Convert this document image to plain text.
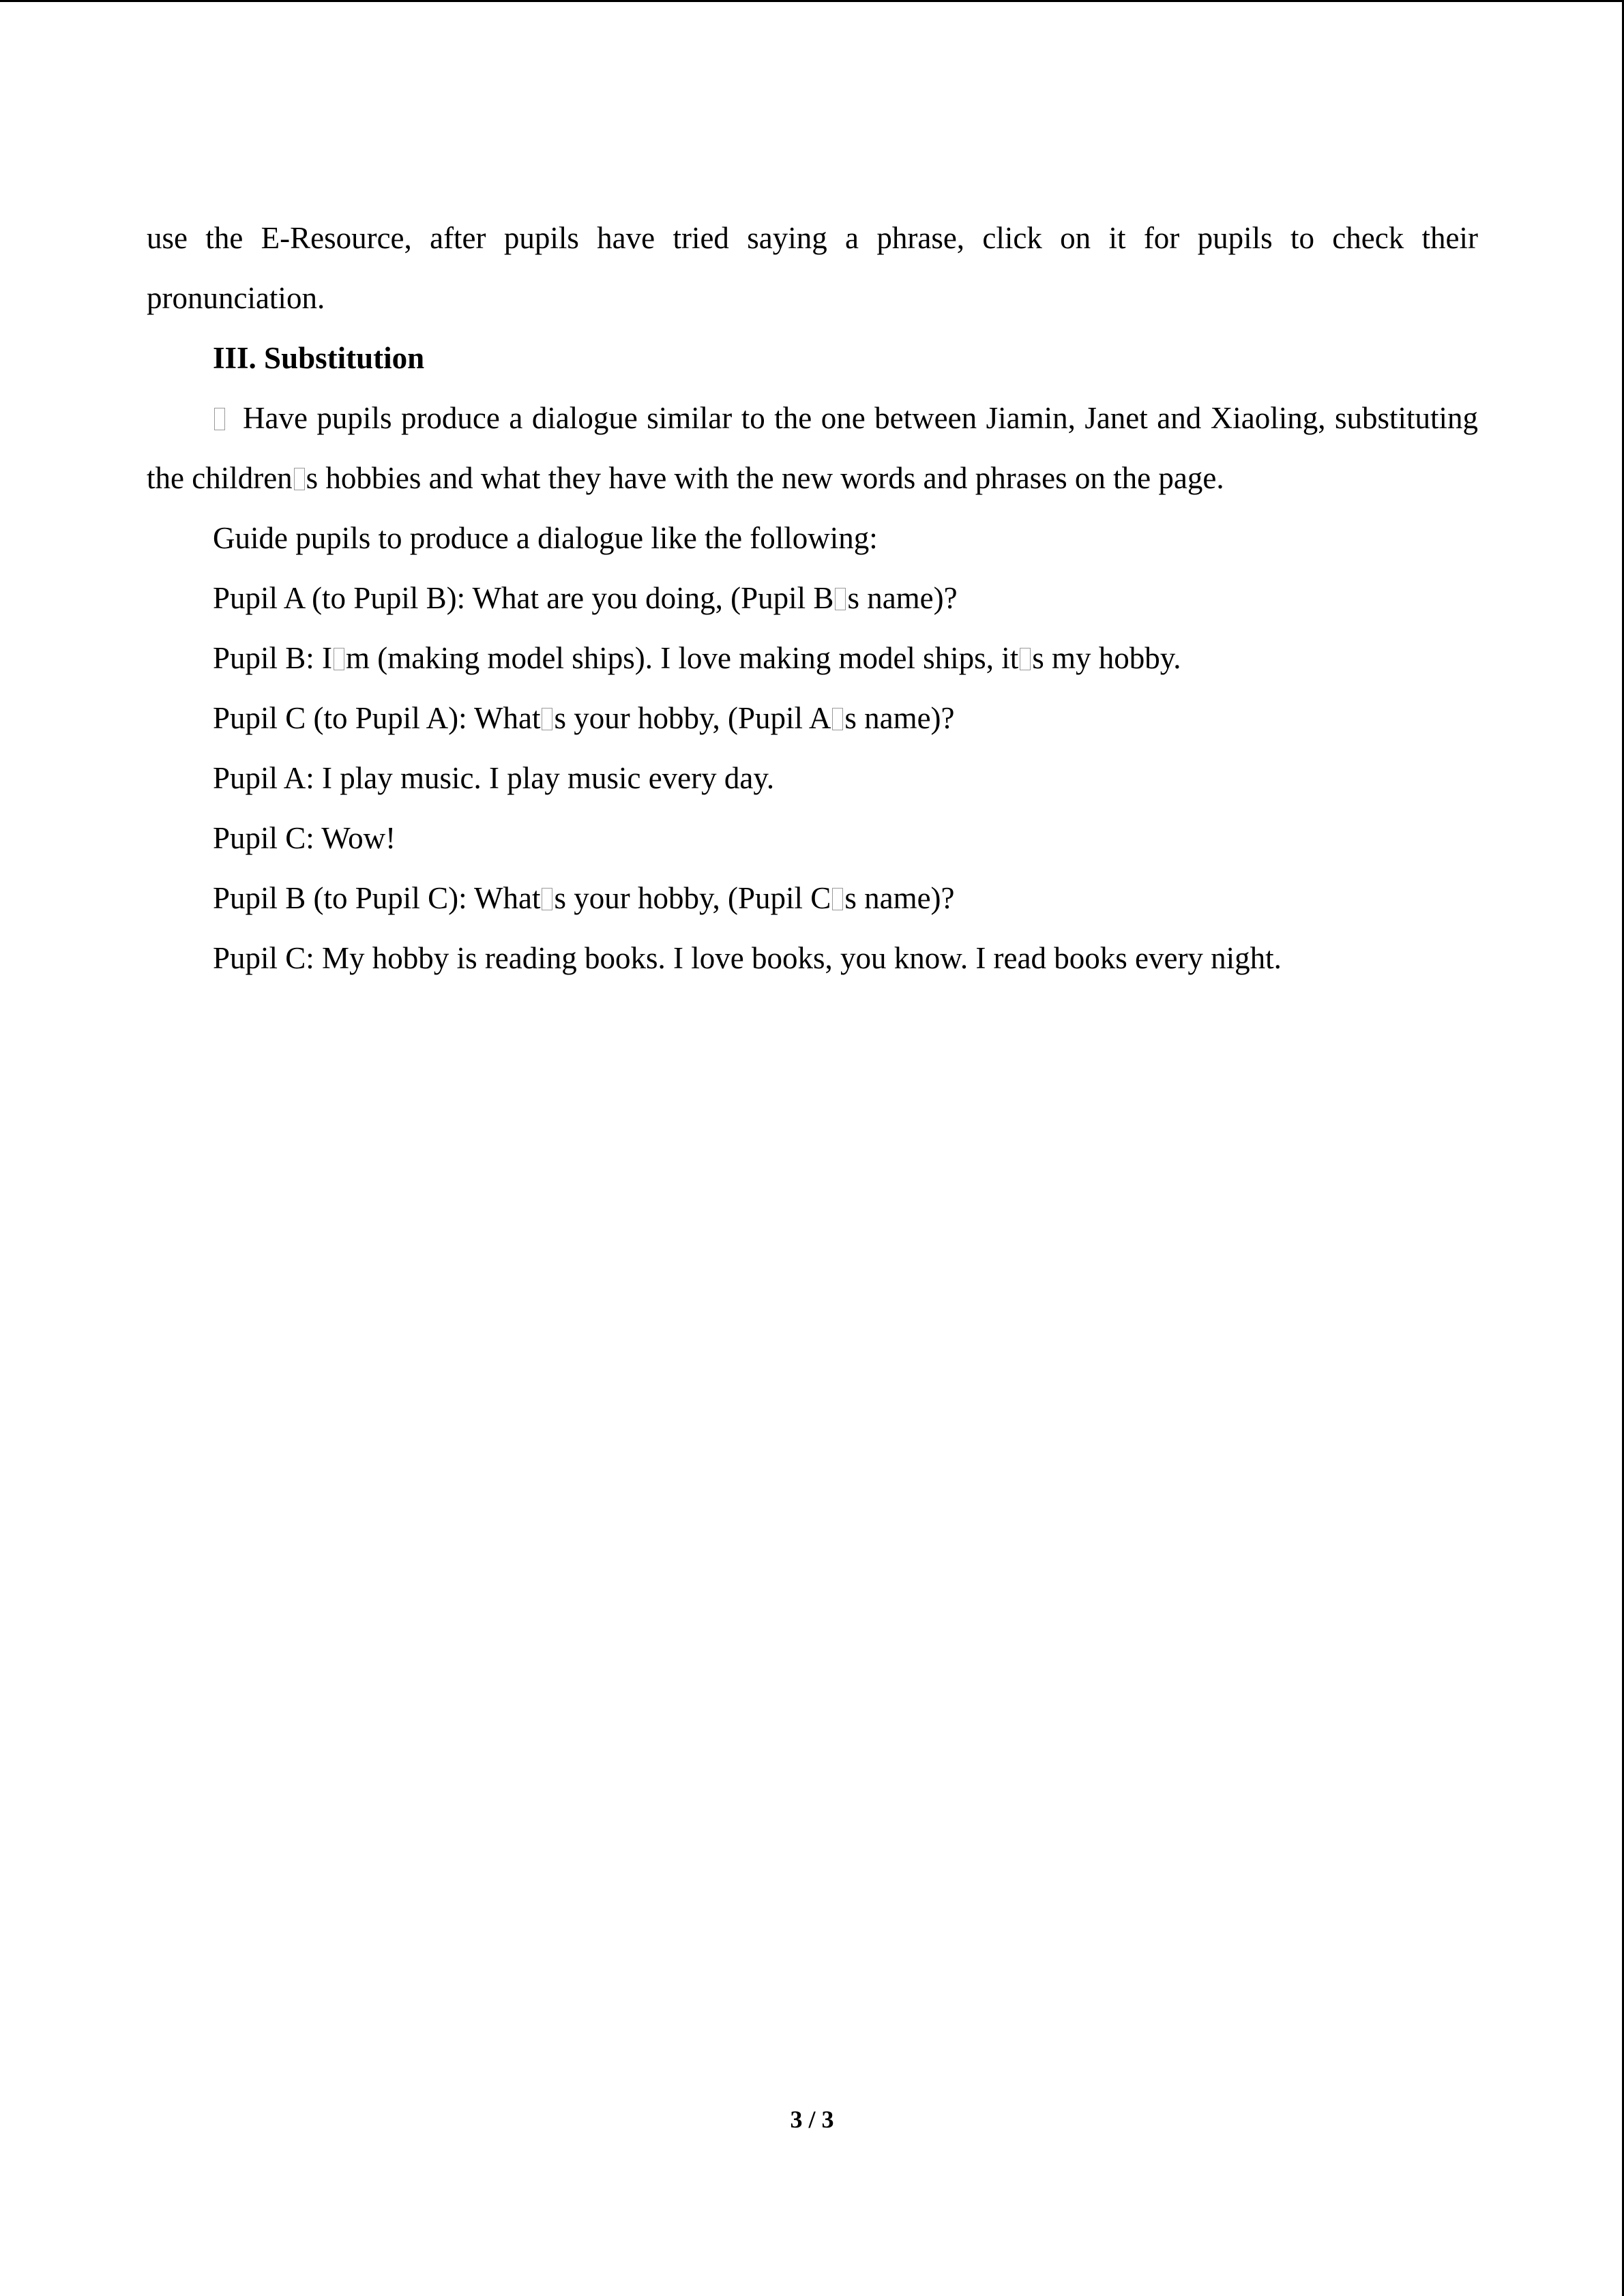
use the E-Resource, after pupils have tried saying a phrase, click on it for pupils to check their pronunciation.

III. Substitution

Have pupils produce a dialogue similar to the one between Jiamin, Janet and Xiaoling, substituting the children s hobbies and what they have with the new words and phrases on the page.

Guide pupils to produce a dialogue like the following:

Pupil A (to Pupil B): What are you doing, (Pupil B s name)?

Pupil B: I m (making model ships). I love making model ships, it s my hobby.

Pupil C (to Pupil A): What s your hobby, (Pupil A s name)?

Pupil A: I play music. I play music every day.

Pupil C: Wow!

Pupil B (to Pupil C): What s your hobby, (Pupil C s name)?

Pupil C: My hobby is reading books. I love books, you know. I read books every night.

3 / 3
